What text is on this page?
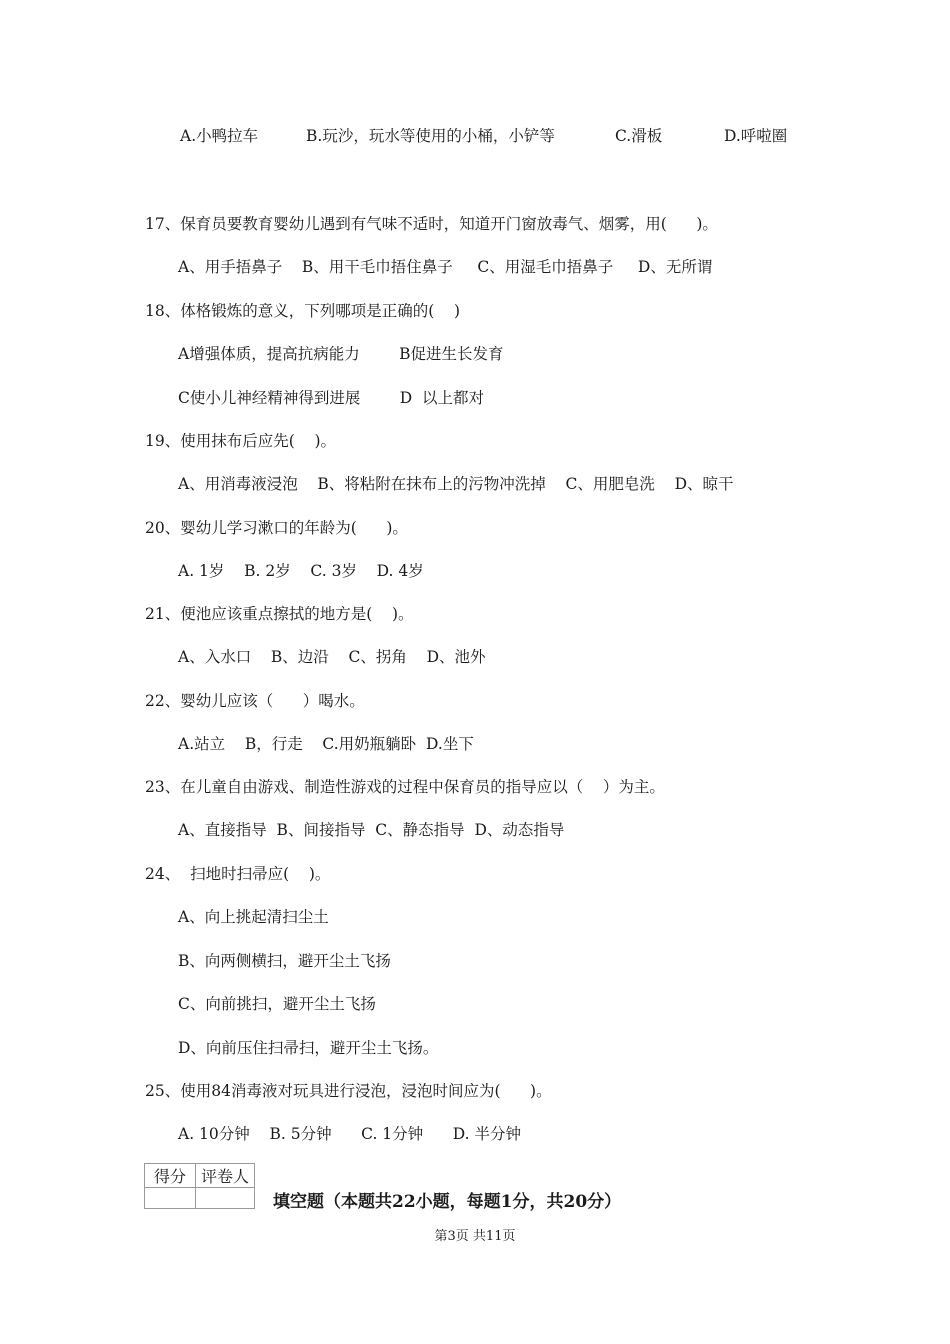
A.小鸭拉车	B.玩沙，玩水等使用的小桶，小铲等	C.滑板	D.呼啦圈
17、保育员要教育婴幼儿遇到有气味不适时，知道开门窗放毒气、烟雾，用(      )。
A、用手捂鼻子    B、用干毛巾捂住鼻子     C、用湿毛巾捂鼻子     D、无所谓
18、体格锻炼的意义，下列哪项是正确的(    )
A增强体质，提高抗病能力        B促进生长发育
C使小儿神经精神得到进展        D  以上都对
19、使用抹布后应先(    )。
A、用消毒液浸泡    B、将粘附在抹布上的污物冲洗掉    C、用肥皂洗    D、晾干
20、婴幼儿学习漱口的年龄为(      )。
A. 1岁    B. 2岁    C. 3岁    D. 4岁
21、便池应该重点擦拭的地方是(    )。
A、入水口    B、边沿    C、拐角    D、池外
22、婴幼儿应该（      ）喝水。
A.站立    B，行走    C.用奶瓶躺卧  D.坐下
23、在儿童自由游戏、制造性游戏的过程中保育员的指导应以（    ）为主。
A、直接指导  B、间接指导  C、静态指导  D、动态指导
24、  扫地时扫帚应(    )。
A、向上挑起清扫尘土
B、向两侧横扫，避开尘土飞扬
C、向前挑扫，避开尘土飞扬
D、向前压住扫帚扫，避开尘土飞扬。
25、使用84消毒液对玩具进行浸泡，浸泡时间应为(      )。
A. 10分钟    B. 5分钟      C. 1分钟      D. 半分钟
得分	评卷人

填空题（本题共22小题，每题1分，共20分）
第3页 共11页
